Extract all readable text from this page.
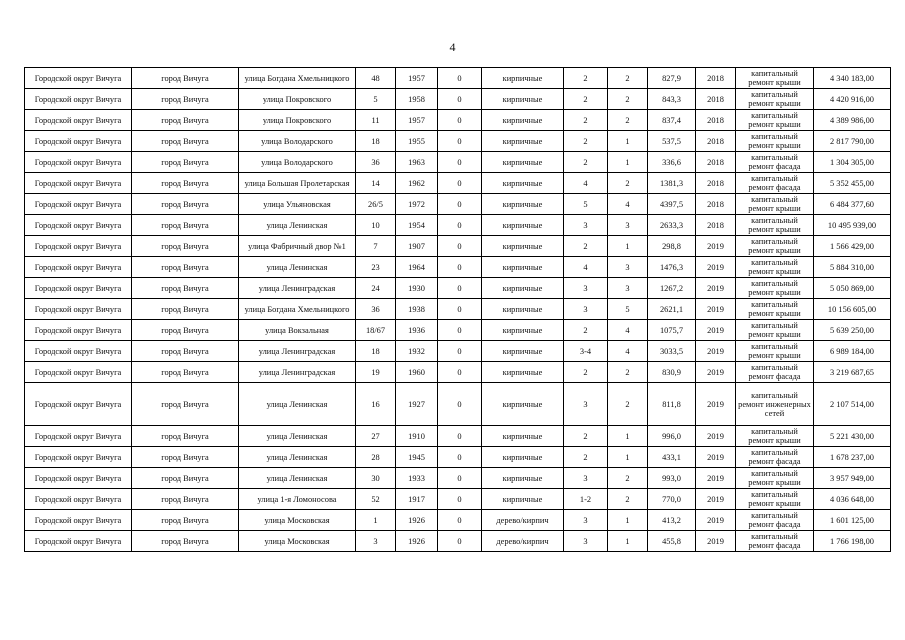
4
Городской округ Вичуга	город Вичуга	улица Богдана Хмельницкого	48	1957	0	кирпичные	2	2	827,9	2018	капитальный ремонт крыши	4 340 183,00
Городской округ Вичуга	город Вичуга	улица Покровского	5	1958	0	кирпичные	2	2	843,3	2018	капитальный ремонт крыши	4 420 916,00
Городской округ Вичуга	город Вичуга	улица Покровского	11	1957	0	кирпичные	2	2	837,4	2018	капитальный ремонт крыши	4 389 986,00
Городской округ Вичуга	город Вичуга	улица Володарского	18	1955	0	кирпичные	2	1	537,5	2018	капитальный ремонт крыши	2 817 790,00
Городской округ Вичуга	город Вичуга	улица Володарского	36	1963	0	кирпичные	2	1	336,6	2018	капитальный ремонт фасада	1 304 305,00
Городской округ Вичуга	город Вичуга	улица Большая Пролетарская	14	1962	0	кирпичные	4	2	1381,3	2018	капитальный ремонт фасада	5 352 455,00
Городской округ Вичуга	город Вичуга	улица Ульяновская	26/5	1972	0	кирпичные	5	4	4397,5	2018	капитальный ремонт крыши	6 484 377,60
Городской округ Вичуга	город Вичуга	улица Ленинская	10	1954	0	кирпичные	3	3	2633,3	2018	капитальный ремонт крыши	10 495 939,00
Городской округ Вичуга	город Вичуга	улица Фабричный двор №1	7	1907	0	кирпичные	2	1	298,8	2019	капитальный ремонт крыши	1 566 429,00
Городской округ Вичуга	город Вичуга	улица Ленинская	23	1964	0	кирпичные	4	3	1476,3	2019	капитальный ремонт крыши	5 884 310,00
Городской округ Вичуга	город Вичуга	улица Ленинградская	24	1930	0	кирпичные	3	3	1267,2	2019	капитальный ремонт крыши	5 050 869,00
Городской округ Вичуга	город Вичуга	улица Богдана Хмельницкого	36	1938	0	кирпичные	3	5	2621,1	2019	капитальный ремонт крыши	10 156 605,00
Городской округ Вичуга	город Вичуга	улица Вокзальная	18/67	1936	0	кирпичные	2	4	1075,7	2019	капитальный ремонт крыши	5 639 250,00
Городской округ Вичуга	город Вичуга	улица Ленинградская	18	1932	0	кирпичные	3-4	4	3033,5	2019	капитальный ремонт крыши	6 989 184,00
Городской округ Вичуга	город Вичуга	улица Ленинградская	19	1960	0	кирпичные	2	2	830,9	2019	капитальный ремонт фасада	3 219 687,65
Городской округ Вичуга	город Вичуга	улица Ленинская	16	1927	0	кирпичные	3	2	811,8	2019	капитальный ремонт инженерных сетей	2 107 514,00
Городской округ Вичуга	город Вичуга	улица Ленинская	27	1910	0	кирпичные	2	1	996,0	2019	капитальный ремонт крыши	5 221 430,00
Городской округ Вичуга	город Вичуга	улица Ленинская	28	1945	0	кирпичные	2	1	433,1	2019	капитальный ремонт фасада	1 678 237,00
Городской округ Вичуга	город Вичуга	улица Ленинская	30	1933	0	кирпичные	3	2	993,0	2019	капитальный ремонт крыши	3 957 949,00
Городской округ Вичуга	город Вичуга	улица 1-я Ломоносова	52	1917	0	кирпичные	1-2	2	770,0	2019	капитальный ремонт крыши	4 036 648,00
Городской округ Вичуга	город Вичуга	улица Московская	1	1926	0	дерево/кирпич	3	1	413,2	2019	капитальный ремонт фасада	1 601 125,00
Городской округ Вичуга	город Вичуга	улица Московская	3	1926	0	дерево/кирпич	3	1	455,8	2019	капитальный ремонт фасада	1 766 198,00
